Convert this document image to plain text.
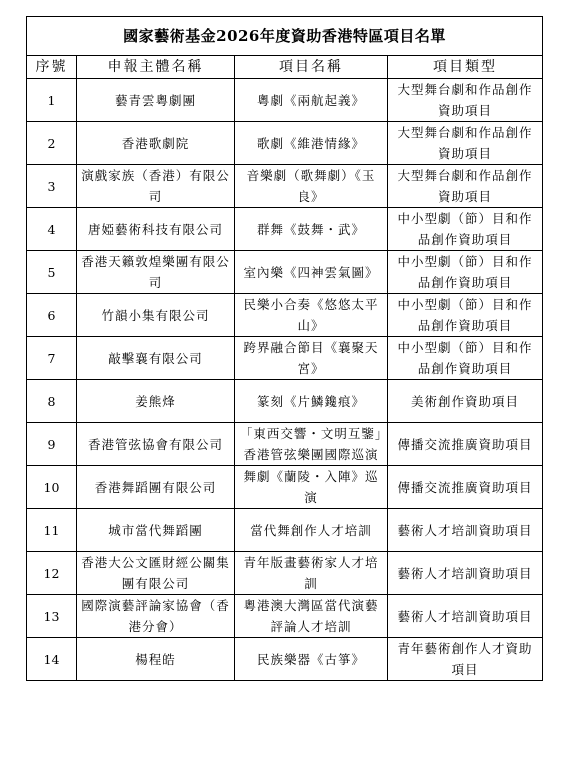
國家藝術基金2026年度資助香港特區項目名單			
序號	申報主體名稱	項目名稱	項目類型
1	藝青雲粵劇團	粵劇《兩航起義》	大型舞台劇和作品創作資助項目
2	香港歌劇院	歌劇《維港情緣》	大型舞台劇和作品創作資助項目
3	演戲家族（香港）有限公司	音樂劇（歌舞劇）《玉良》	大型舞台劇和作品創作資助項目
4	唐婭藝術科技有限公司	群舞《鼓舞・武》	中小型劇（節）目和作品創作資助項目
5	香港天籟敦煌樂團有限公司	室內樂《四神雲氣圖》	中小型劇（節）目和作品創作資助項目
6	竹韻小集有限公司	民樂小合奏《悠悠太平山》	中小型劇（節）目和作品創作資助項目
7	敲擊襄有限公司	跨界融合節目《襄聚天宮》	中小型劇（節）目和作品創作資助項目
8	姜熊烽	篆刻《片鱗鑱痕》	美術創作資助項目
9	香港管弦協會有限公司	「東西交響・文明互鑒」香港管弦樂團國際巡演	傳播交流推廣資助項目
10	香港舞蹈團有限公司	舞劇《蘭陵・入陣》巡演	傳播交流推廣資助項目
11	城市當代舞蹈團	當代舞創作人才培訓	藝術人才培訓資助項目
12	香港大公文匯財經公關集團有限公司	青年版畫藝術家人才培訓	藝術人才培訓資助項目
13	國際演藝評論家協會（香港分會）	粵港澳大灣區當代演藝評論人才培訓	藝術人才培訓資助項目
14	楊程皓	民族樂器《古箏》	青年藝術創作人才資助項目
